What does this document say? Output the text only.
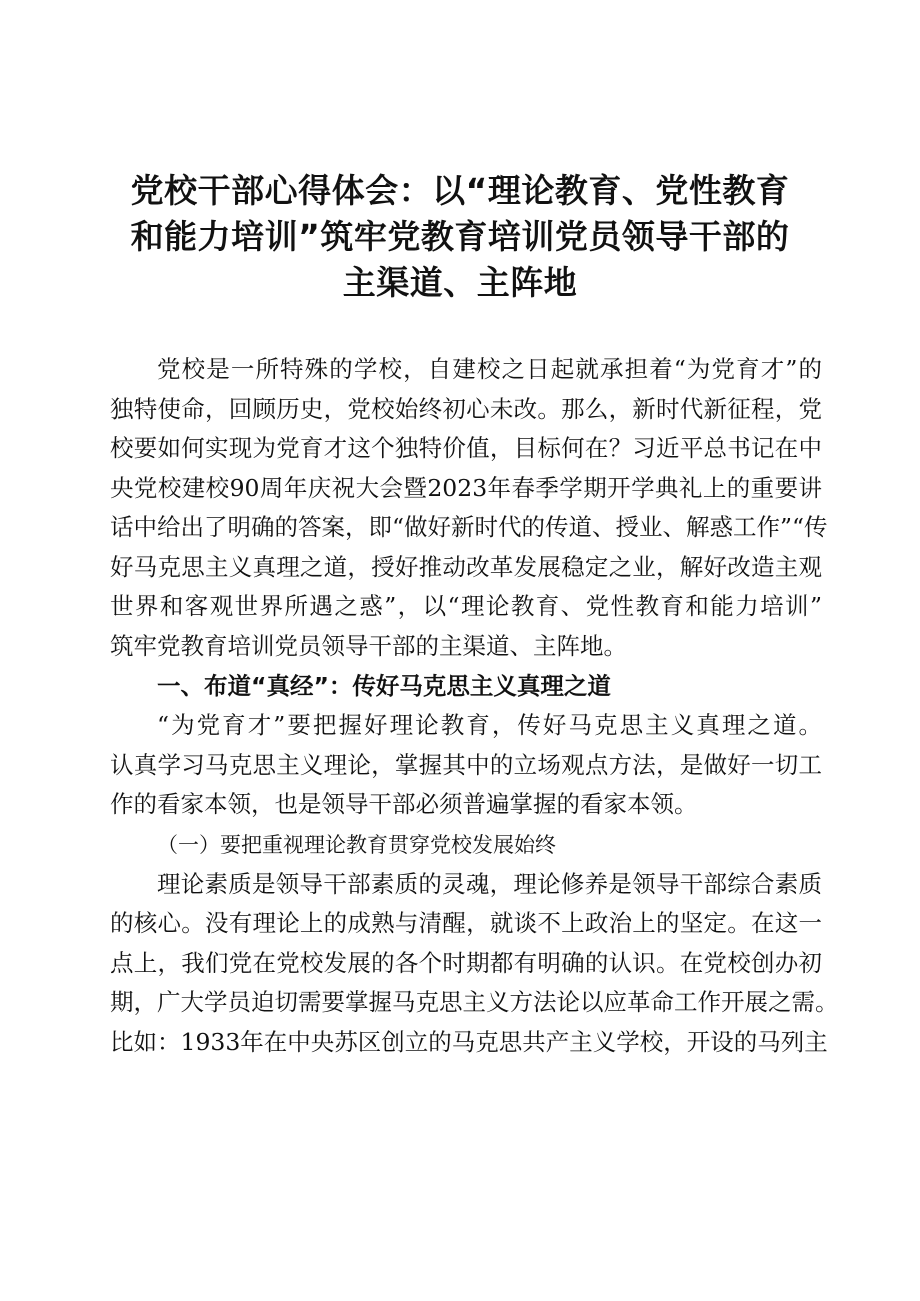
党校干部心得体会：以“理论教育、党性教育
和能力培训”筑牢党教育培训党员领导干部的
主渠道、主阵地
党校是一所特殊的学校，自建校之日起就承担着“为党育才”的
独特使命，回顾历史，党校始终初心未改。那么，新时代新征程，党
校要如何实现为党育才这个独特价值，目标何在？习近平总书记在中
央党校建校90周年庆祝大会暨2023年春季学期开学典礼上的重要讲
话中给出了明确的答案，即“做好新时代的传道、授业、解惑工作”“传
好马克思主义真理之道，授好推动改革发展稳定之业，解好改造主观
世界和客观世界所遇之惑”，以“理论教育、党性教育和能力培训”
筑牢党教育培训党员领导干部的主渠道、主阵地。
一、布道“真经”：传好马克思主义真理之道
“为党育才”要把握好理论教育，传好马克思主义真理之道。
认真学习马克思主义理论，掌握其中的立场观点方法，是做好一切工
作的看家本领，也是领导干部必须普遍掌握的看家本领。
（一）要把重视理论教育贯穿党校发展始终
理论素质是领导干部素质的灵魂，理论修养是领导干部综合素质
的核心。没有理论上的成熟与清醒，就谈不上政治上的坚定。在这一
点上，我们党在党校发展的各个时期都有明确的认识。在党校创办初
期，广大学员迫切需要掌握马克思主义方法论以应革命工作开展之需。
比如：1933年在中央苏区创立的马克思共产主义学校，开设的马列主
